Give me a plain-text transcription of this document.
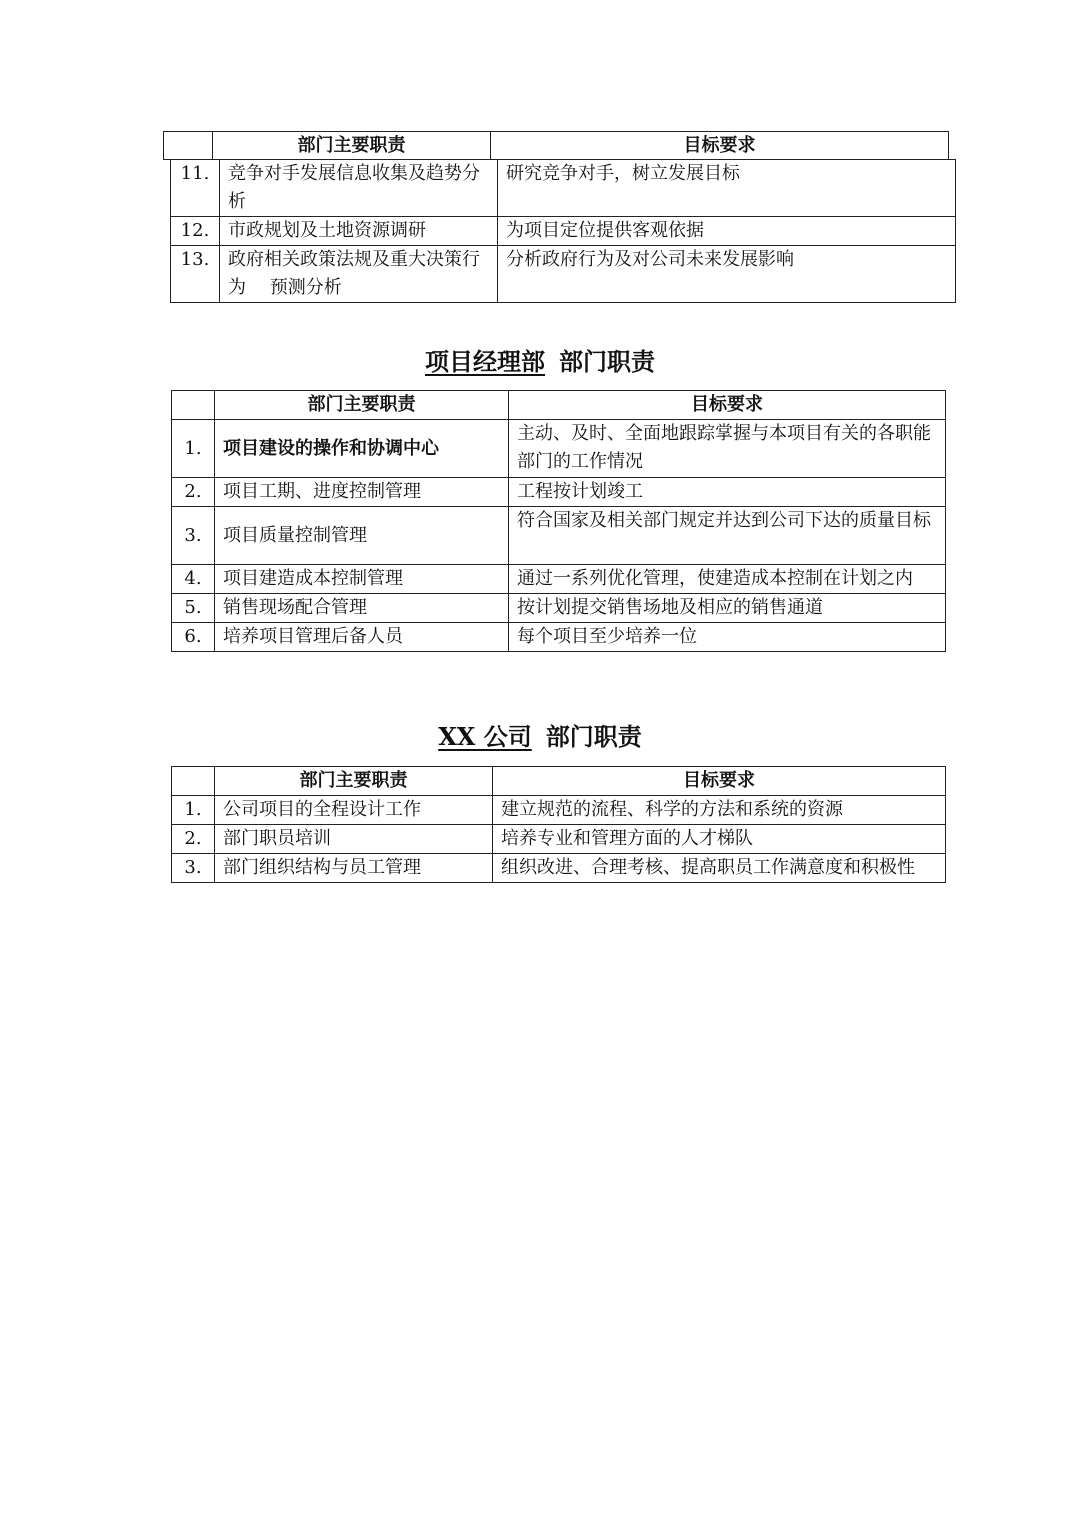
	部门主要职责	目标要求
11.	竞争对手发展信息收集及趋势分析	研究竞争对手，树立发展目标
12.	市政规划及土地资源调研	为项目定位提供客观依据
13.	政府相关政策法规及重大决策行为　 预测分析	分析政府行为及对公司未来发展影响
项目经理部 部门职责
	部门主要职责	目标要求
1.	项目建设的操作和协调中心	主动、及时、全面地跟踪掌握与本项目有关的各职能部门的工作情况
2.	项目工期、进度控制管理	工程按计划竣工
3.	项目质量控制管理	符合国家及相关部门规定并达到公司下达的质量目标
4.	项目建造成本控制管理	通过一系列优化管理，使建造成本控制在计划之内
5.	销售现场配合管理	按计划提交销售场地及相应的销售通道
6.	培养项目管理后备人员	每个项目至少培养一位
XX 公司 部门职责
	部门主要职责	目标要求
1.	公司项目的全程设计工作	建立规范的流程、科学的方法和系统的资源
2.	部门职员培训	培养专业和管理方面的人才梯队
3.	部门组织结构与员工管理	组织改进、合理考核、提高职员工作满意度和积极性
